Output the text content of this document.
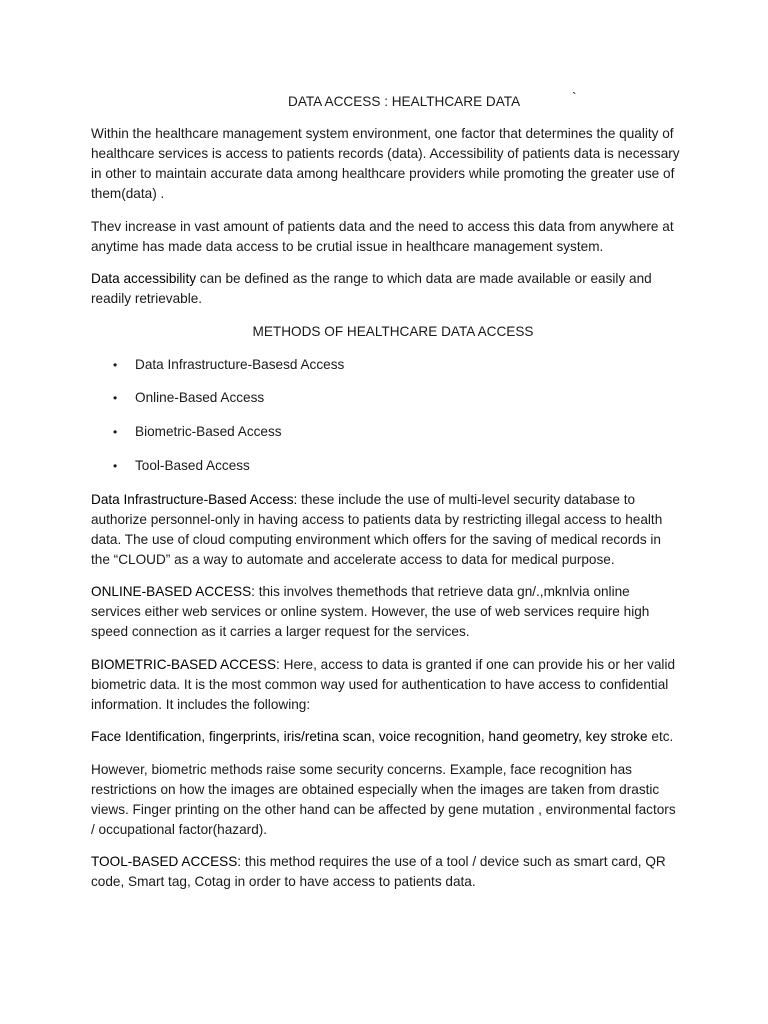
DATA ACCESS : HEALTHCARE DATA	`

Within the healthcare management system environment, one factor that determines the quality of healthcare services is access to patients records (data). Accessibility of patients data is necessary in other to maintain accurate data among healthcare providers while promoting the greater use of them(data) .

Thev increase in vast amount of patients data and the need to access this data from anywhere at anytime has made data access to be crutial issue in healthcare management system.

Data accessibility can be defined as the range to which data are made available or easily and readily retrievable.

METHODS OF HEALTHCARE DATA ACCESS

• Data Infrastructure-Basesd Access
• Online-Based Access
• Biometric-Based Access
• Tool-Based Access

Data Infrastructure-Based Access: these include the use of multi-level security database to authorize personnel-only in having access to patients data by restricting illegal access to health data. The use of cloud computing environment which offers for the saving of medical records in the “CLOUD” as a way to automate and accelerate access to data for medical purpose.

ONLINE-BASED ACCESS: this involves themethods that retrieve data gn/.,mknlvia online services either web services or online system. However, the use of web services require high speed connection as it carries a larger request for the services.

BIOMETRIC-BASED ACCESS: Here, access to data is granted if one can provide his or her valid biometric data. It is the most common way used for authentication to have access to confidential information. It includes the following:

Face Identification, fingerprints, iris/retina scan, voice recognition, hand geometry, key stroke etc.

However, biometric methods raise some security concerns. Example, face recognition has restrictions on how the images are obtained especially when the images are taken from drastic views. Finger printing on the other hand can be affected by gene mutation , environmental factors / occupational factor(hazard).

TOOL-BASED ACCESS: this method requires the use of a tool / device such as smart card, QR code, Smart tag, Cotag in order to have access to patients data.
